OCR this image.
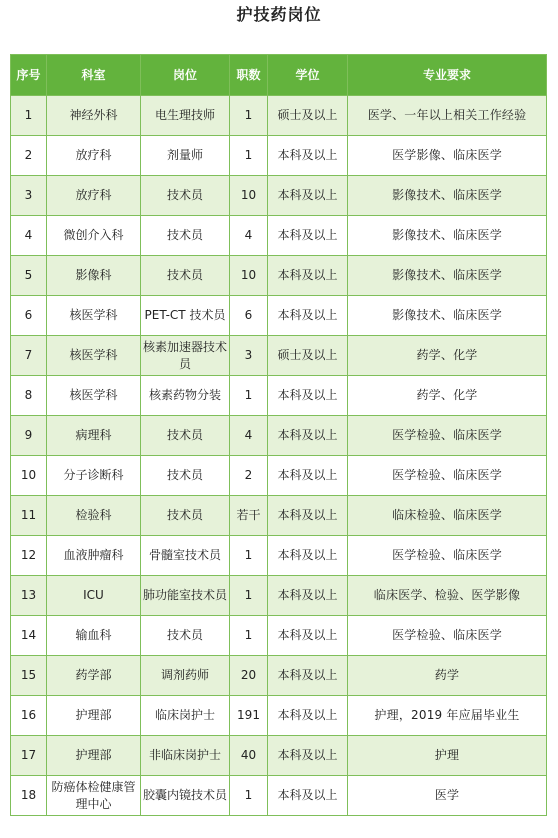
护技药岗位
序号	科室	岗位	职数	学位	专业要求
1	神经外科	电生理技师	1	硕士及以上	医学、一年以上相关工作经验
2	放疗科	剂量师	1	本科及以上	医学影像、临床医学
3	放疗科	技术员	10	本科及以上	影像技术、临床医学
4	微创介入科	技术员	4	本科及以上	影像技术、临床医学
5	影像科	技术员	10	本科及以上	影像技术、临床医学
6	核医学科	PET-CT 技术员	6	本科及以上	影像技术、临床医学
7	核医学科	核素加速器技术员	3	硕士及以上	药学、化学
8	核医学科	核素药物分装	1	本科及以上	药学、化学
9	病理科	技术员	4	本科及以上	医学检验、临床医学
10	分子诊断科	技术员	2	本科及以上	医学检验、临床医学
11	检验科	技术员	若干	本科及以上	临床检验、临床医学
12	血液肿瘤科	骨髓室技术员	1	本科及以上	医学检验、临床医学
13	ICU	肺功能室技术员	1	本科及以上	临床医学、检验、医学影像
14	输血科	技术员	1	本科及以上	医学检验、临床医学
15	药学部	调剂药师	20	本科及以上	药学
16	护理部	临床岗护士	191	本科及以上	护理，2019 年应届毕业生
17	护理部	非临床岗护士	40	本科及以上	护理
18	防癌体检健康管理中心	胶囊内镜技术员	1	本科及以上	医学
